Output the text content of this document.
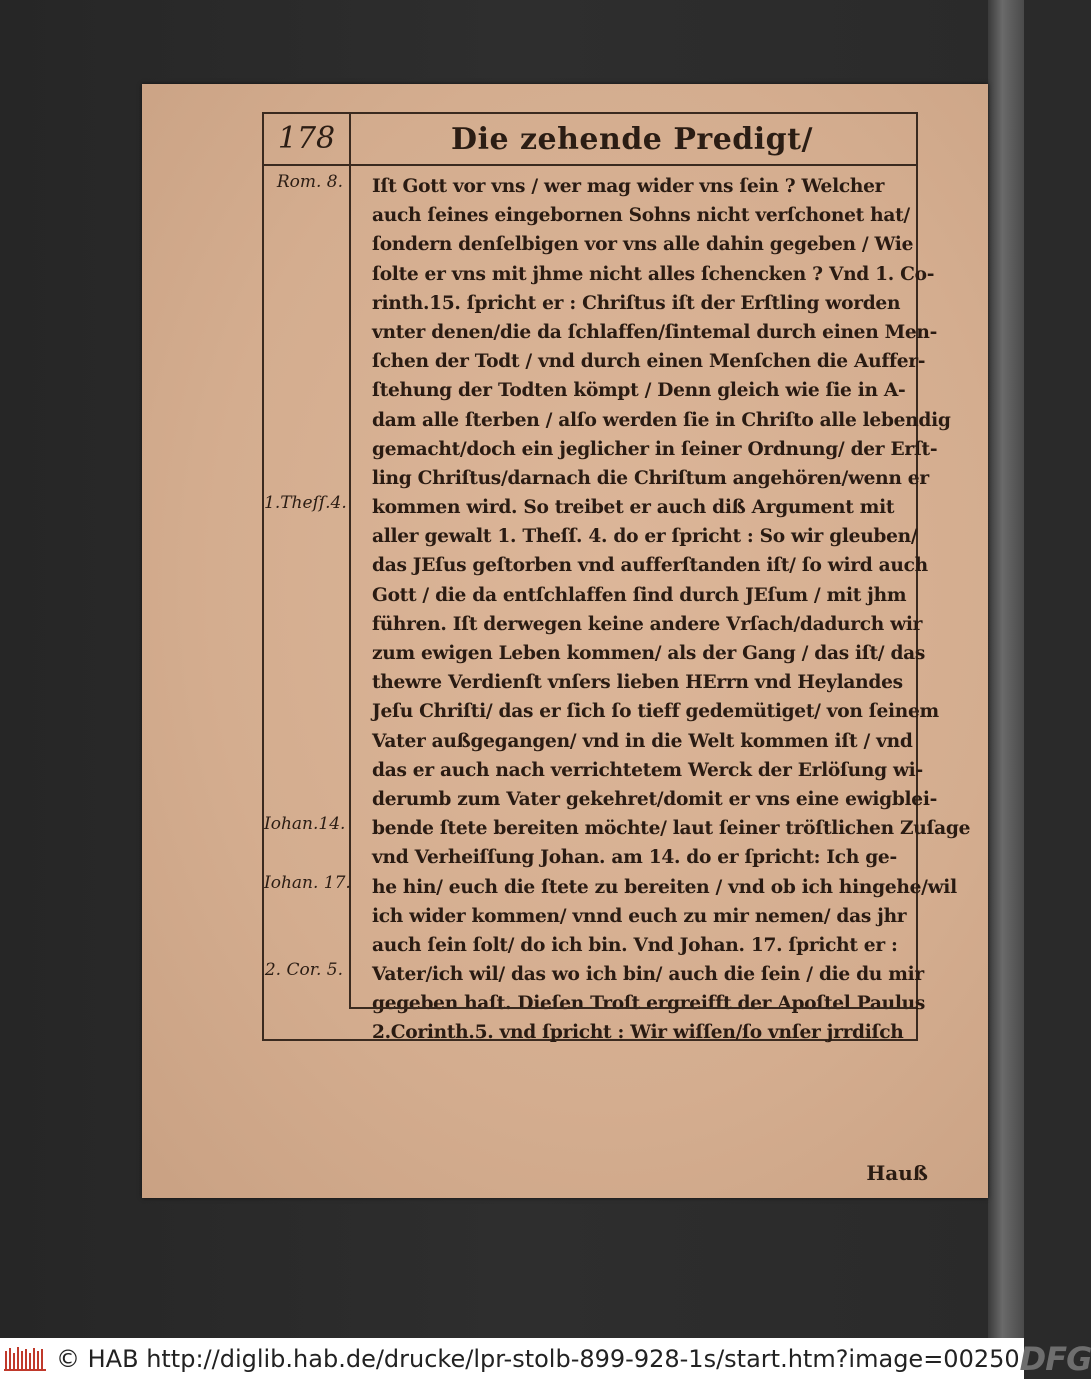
178	Die zehende Predigt/
Rom. 8.
1.Theſſ.4.
Iohan.14.
Iohan. 17.
2. Cor. 5.
Iſt Gott vor vns / wer mag wider vns ſein ? Welcher
auch ſeines eingebornen Sohns nicht verſchonet hat/
ſondern denſelbigen vor vns alle dahin gegeben / Wie
ſolte er vns mit jhme nicht alles ſchencken ? Vnd 1. Co-
rinth.15. ſpricht er : Chriſtus iſt der Erſtling worden
vnter denen/die da ſchlaffen/ſintemal durch einen Men-
ſchen der Todt / vnd durch einen Menſchen die Auffer-
ſtehung der Todten kömpt / Denn gleich wie ſie in A-
dam alle ſterben / alſo werden ſie in Chriſto alle lebendig
gemacht/doch ein jeglicher in ſeiner Ordnung/ der Erſt-
ling Chriſtus/darnach die Chriſtum angehören/wenn er
kommen wird. So treibet er auch diß Argument mit
aller gewalt 1. Theſſ. 4. do er ſpricht : So wir gleuben/
das JEſus geſtorben vnd aufferſtanden iſt/ ſo wird auch
Gott / die da entſchlaffen ſind durch JEſum / mit jhm
führen. Iſt derwegen keine andere Vrſach/dadurch wir
zum ewigen Leben kommen/ als der Gang / das iſt/ das
thewre Verdienſt vnſers lieben HErrn vnd Heylandes
Jeſu Chriſti/ das er ſich ſo tieff gedemütiget/ von ſeinem
Vater außgegangen/ vnd in die Welt kommen iſt / vnd
das er auch nach verrichtetem Werck der Erlöſung wi-
derumb zum Vater gekehret/domit er vns eine ewigblei-
bende ſtete bereiten möchte/ laut ſeiner tröſtlichen Zuſage
vnd Verheiſſung Johan. am 14. do er ſpricht: Ich ge-
he hin/ euch die ſtete zu bereiten / vnd ob ich hingehe/wil
ich wider kommen/ vnnd euch zu mir nemen/ das jhr
auch ſein ſolt/ do ich bin. Vnd Johan. 17. ſpricht er :
Vater/ich wil/ das wo ich bin/ auch die ſein / die du mir
gegeben haſt. Dieſen Troſt ergreifft der Apoſtel Paulus
2.Corinth.5. vnd ſpricht : Wir wiſſen/ſo vnſer jrrdiſch
Hauß
© HAB http://diglib.hab.de/drucke/lpr-stolb-899-928-1s/start.htm?image=00250 DFG
